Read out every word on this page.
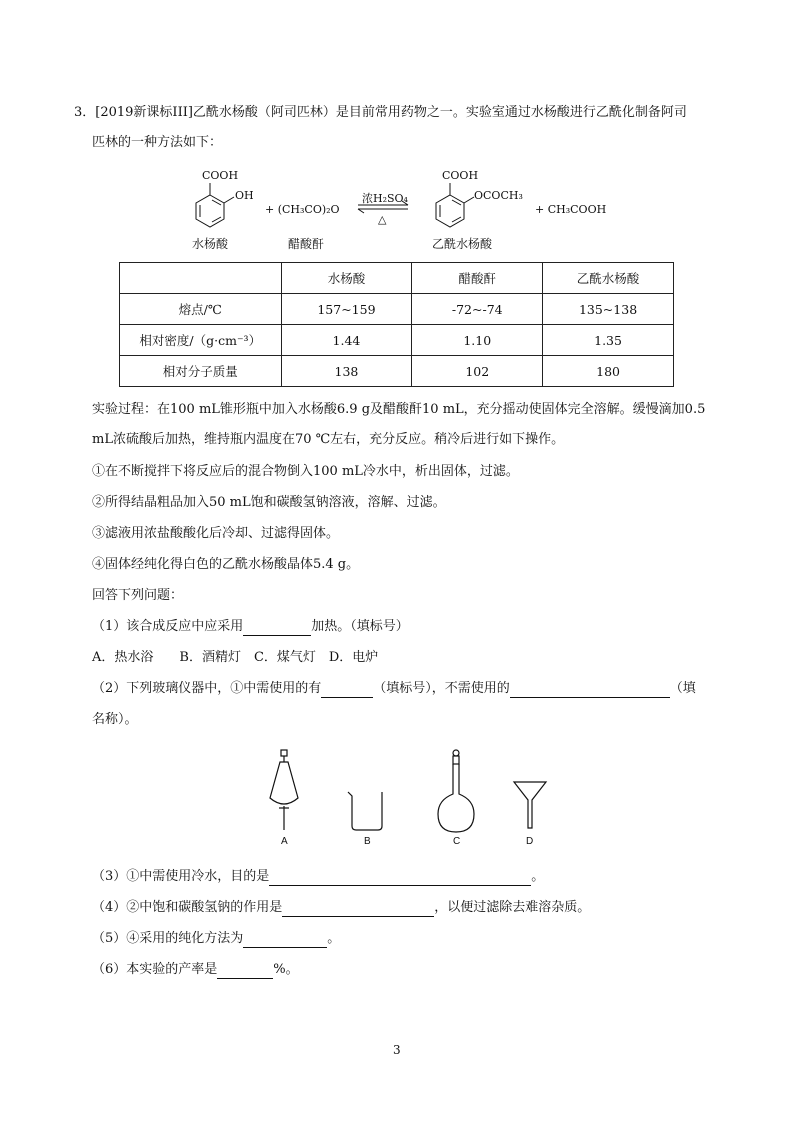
3．[2019新课标III]乙酰水杨酸（阿司匹林）是目前常用药物之一。实验室通过水杨酸进行乙酰化制备阿司
匹林的一种方法如下：
COOH
OH
水杨酸
+ (CH₃CO)₂O
醋酸酐
浓H₂SO₄
△
COOH
OCOCH₃
乙酰水杨酸
+ CH₃COOH
	水杨酸	醋酸酐	乙酰水杨酸
熔点/℃	157~159	-72~-74	135~138
相对密度/（g·cm⁻³）	1.44	1.10	1.35
相对分子质量	138	102	180
实验过程：在100 mL锥形瓶中加入水杨酸6.9 g及醋酸酐10 mL，充分摇动使固体完全溶解。缓慢滴加0.5
mL浓硫酸后加热，维持瓶内温度在70 ℃左右，充分反应。稍冷后进行如下操作。
①在不断搅拌下将反应后的混合物倒入100 mL冷水中，析出固体，过滤。
②所得结晶粗品加入50 mL饱和碳酸氢钠溶液，溶解、过滤。
③滤液用浓盐酸酸化后冷却、过滤得固体。
④固体经纯化得白色的乙酰水杨酸晶体5.4 g。
回答下列问题：
（1）该合成反应中应采用	加热。（填标号）
A．热水浴　　B．酒精灯　C．煤气灯　D．电炉
（2）下列玻璃仪器中，①中需使用的有	（填标号），不需使用的	（填
名称）。
A	B	C	D
（3）①中需使用冷水，目的是	。
（4）②中饱和碳酸氢钠的作用是	，以便过滤除去难溶杂质。
（5）④采用的纯化方法为	。
（6）本实验的产率是	%。
3
